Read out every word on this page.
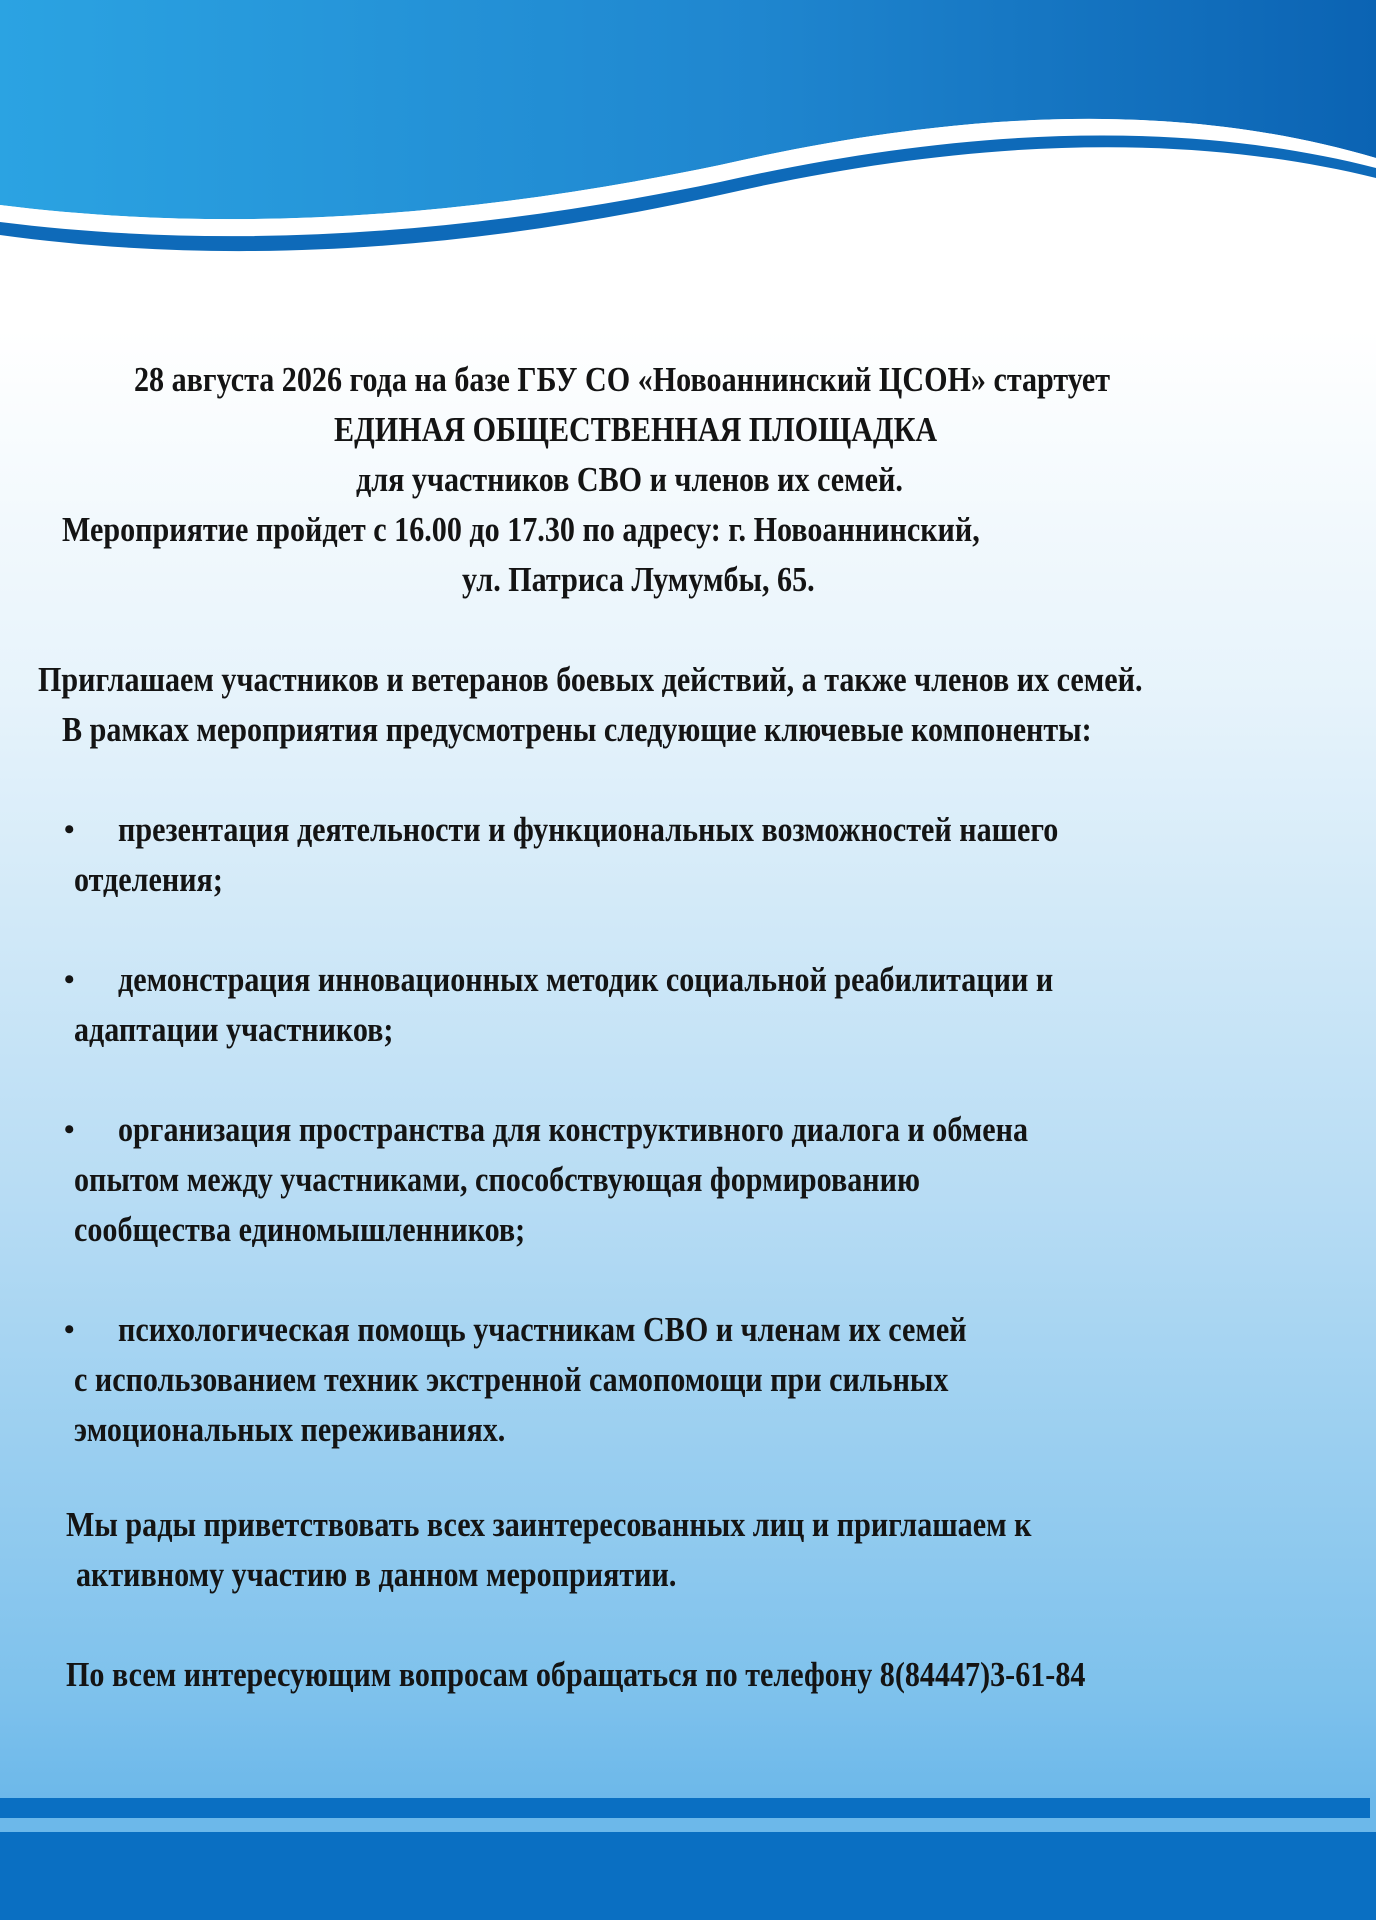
28 августа 2026 года на базе ГБУ СО «Новоаннинский ЦСОН» стартует

ЕДИНАЯ ОБЩЕСТВЕННАЯ ПЛОЩАДКА

для участников СВО и членов их семей.

Мероприятие пройдет с 16.00 до 17.30 по адресу: г. Новоаннинский,

ул. Патриса Лумумбы, 65.

Приглашаем участников и ветеранов боевых действий, а также членов их семей.

В рамках мероприятия предусмотрены следующие ключевые компоненты:

• презентация деятельности и функциональных возможностей нашего

отделения;

• демонстрация инновационных методик социальной реабилитации и

адаптации участников;

• организация пространства для конструктивного диалога и обмена

опытом между участниками, способствующая формированию

сообщества единомышленников;

• психологическая помощь участникам СВО и членам их семей

с использованием техник экстренной самопомощи при сильных

эмоциональных переживаниях.

Мы рады приветствовать всех заинтересованных лиц и приглашаем к

активному участию в данном мероприятии.

По всем интересующим вопросам обращаться по телефону 8(84447)3-61-84
